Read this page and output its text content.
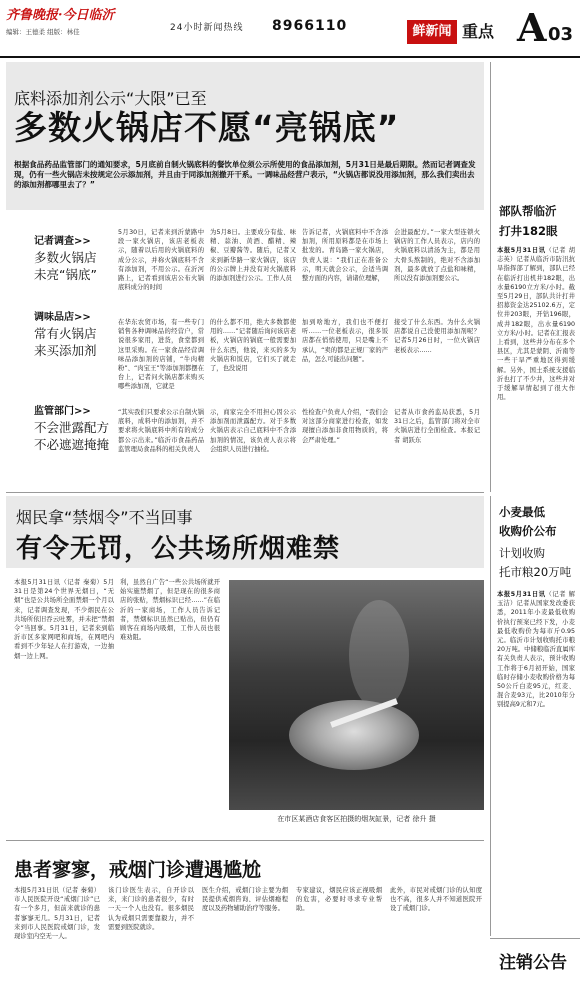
齐鲁晚报·今日临沂
编辑：王德柔 组版：林佳	24小时新闻热线 8966110	鲜新闻 重点 A 03
底料添加剂公示“大限”已至
多数火锅店不愿“亮锅底”
根据食品药品监管部门的通知要求，5月底前自制火锅底料的餐饮单位须公示所使用的食品添加剂，5月31日是最后期限。然而记者调查发现，仍有一些火锅店未按规定公示添加剂，并且由于同添加剂撤开干系。一调味品经营户表示，“火锅店都说没用添加剂，那么我们卖出去的添加剂都哪里去了？”
记者调查>>
多数火锅店
未亮“锅底”
5月30日，记者来到沂蒙路中段一家火锅店，该店老板表示，随着以后用的火锅底料的成分公示，并称火锅底料不含有添加剂，不用公示。在沂河路上，记者看到该店公布火锅底料成分的时间
为5月8日。主要成分有盐、味精、蒜油、黄酒、醋精、辣椒、豆瓣酱等。随后，记者又来到新华路一家火锅店，该店的公示牌上并没有对火锅底料的添加剂进行公示。工作人员
告诉记者，火锅底料中不含添加剂，所用原料都是在市场上批发的。青岛路一家火锅店，负责人说：“我们正在准备公示，明天就会公示，会适当调整方面的内容，请诸位理解，
会进最配方。”一家大型连锁火锅店的工作人员表示，店内的火锅底料以清汤为主，都是用大骨头熬制的，绝对不含添加剂，最多就放了点盐和味精，所以没有添加剂要公示。
调味品店>>
常有火锅店
来买添加剂
在华东农贸市场，有一些专门销售各种调味品的经营户，常说很多家用，进货，食堂都到这里采购。在一家食品经营调味品添加剂的店铺，“牛肉精粉”、“肉宝王”等添加剂都摆在台上，记者问火锅店都来购买哪些添加剂，它就是
的什么都不用，绝大多数都使用的……”记者随后询问该店老板，火锅店的锅底一般需要加什么东西，他说，来买的多为火锅店和饭店，它们买了就走了，也没说用
加到啥地方，我们也不便打听……一位老板表示，很多饭店都在悄悄使用，只是嘴上不承认，“卖的都是正规厂家的产品，怎么可能出问题”。
接受了什么东西。为什么火锅店都说自己没使用添加剂呢？记者5月26日时，一位火锅店老板表示……
监管部门>>
不会泄露配方
不必遮遮掩掩
“其实我们只要求公示自制火锅底料，成料中的添加剂，并不要求将火锅底料中所有的成分都公示出来。”临沂市食品药品监管理局食品科的相关负责人
示，商家完全不用担心因公示添加剂而泄露配方。对于多数火锅店表示自己底料中不含添加剂的情况，该负责人表示将会组织人员进行抽检。
性检查户负责人介绍，“我们会对这部分商家进行检查，如发现擅自添加非食用物质的，将会严肃处理。”
记者从市食药监局获悉，5月31日之后，监管部门将对全市火锅店进行全面检查。本报记者 胡跃东
部队帮临沂
打井182眼
本报5月31日讯（记者 胡志英）记者从临沂市防汛抗旱指挥部了解到，部队已经在临沂打出机井182眼，出水量6190立方米/小时。截至5月29日，部队共计打井招募资金达25102.6万，定位井203眼，开钻196眼，成井182眼，出水量6190立方米/小时。记者在汇报表上看到，这些井分布在多个县区，尤其是蒙阴、沂南等一些干旱严重地区得到缓解。另外，国土系统支援临沂也打了不少井，这些井对于缓解旱情起到了很大作用。
烟民拿“禁烟令”不当回事
有令无罚，公共场所烟难禁
本报5月31日讯（记者 秦菊）5月31日是第24个世界无烟日，“无烟”也是公共场所全面禁烟一个月以来，记者调查发现，不少烟民在公共场所依旧吞云吐雾，并未把“禁烟令”当回事。5月31日，记者来到临沂市区多家网吧和商场，在网吧内看到不少年轻人在打游戏，一边抽烟一边上网。
利，虽然自广告“一些公共场所就开始实施禁烟了，但是现在的很多商店的张贴，禁烟标识已经……”在临沂的一家商场，工作人员告诉记者，禁烟标识虽然已贴出，但仍有顾客在商场内吸烟，工作人员也很难劝阻。
在市区某酒店食客区拍摄的烟灰缸景，记者 徐升 摄
小麦最低
收购价公布
计划收购
托市粮20万吨
本报5月31日讯（记者 解玉洁）记者从国家发改委获悉，2011年小麦最低收购价执行预案已经下发，小麦最低收购价为每市斤0.95元。临沂市计划收购托市粮20万吨。中储粮临沂直属库有关负责人表示，预计收购工作将于6月初开始，国家临时存储小麦收购价格为每50公斤白麦95元，红麦、混合麦93元，比2010年分别提高9元和7元。
患者寥寥，戒烟门诊遭遇尴尬
本报5月31日讯（记者 秦菊）市人民医院开设“戒烟门诊”已有一个多月，但前来就诊的患者寥寥无几。5月31日，记者来到市人民医院戒烟门诊，发现诊室内空无一人。
该门诊医生表示，自开诊以来，来门诊的患者很少，有时一天一个人也没有。很多烟民认为戒烟只需要靠毅力，并不需要到医院就诊。
医生介绍，戒烟门诊主要为烟民提供戒烟咨询、评估烟瘾程度以及药物辅助治疗等服务。
专家建议，烟民应该正视吸烟的危害，必要时寻求专业帮助。
此外，市民对戒烟门诊的认知度也不高，很多人并不知道医院开设了戒烟门诊。
注销公告
